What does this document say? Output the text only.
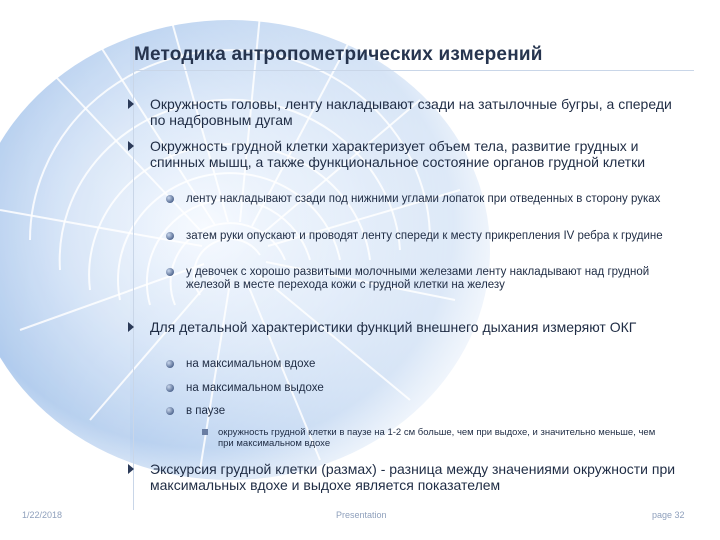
Методика антропометрических измерений
Окружность головы, ленту накладывают сзади на затылочные бугры, а спереди по надбровным дугам
Окружность грудной клетки характеризует объем тела, развитие грудных и спинных мышц, а также функциональное состояние органов грудной клетки
ленту накладывают сзади под нижними углами лопаток при отведенных в сторону руках
затем руки опускают и проводят ленту спереди к месту прикрепления IV ребра к грудине
у девочек с хорошо развитыми молочными железами ленту накладывают над грудной железой в месте перехода кожи с грудной клетки на железу
Для детальной характеристики функций внешнего дыхания измеряют ОКГ
на максимальном вдохе
на максимальном выдохе
в паузе
окружность грудной клетки в паузе на 1-2 см больше, чем при выдохе, и значительно меньше, чем при максимальном вдохе
Экскурсия грудной клетки (размах) - разница между значениями окружности при максимальных вдохе и выдохе является показателем
1/22/2018	Presentation	page 32
